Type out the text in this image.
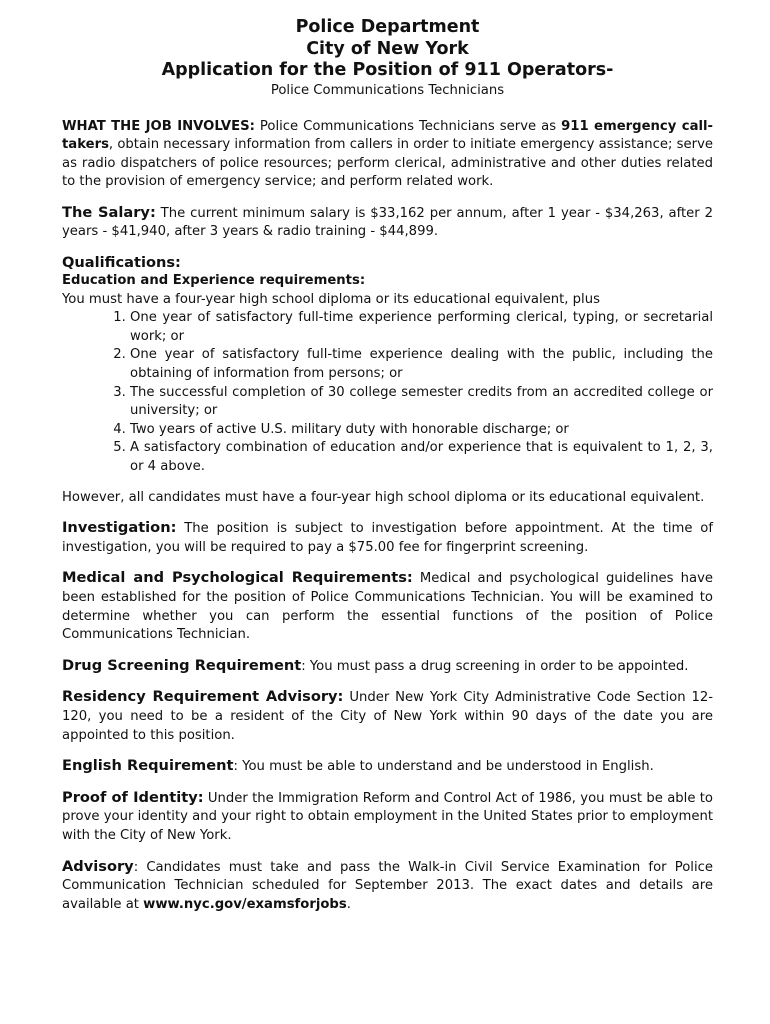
Police Department
City of New York
Application for the Position of 911 Operators-
Police Communications Technicians

WHAT THE JOB INVOLVES: Police Communications Technicians serve as 911 emergency call-takers, obtain necessary information from callers in order to initiate emergency assistance; serve as radio dispatchers of police resources; perform clerical, administrative and other duties related to the provision of emergency service; and perform related work.

The Salary: The current minimum salary is $33,162 per annum, after 1 year - $34,263, after 2 years - $41,940, after 3 years & radio training - $44,899.

Qualifications:
Education and Experience requirements:
You must have a four-year high school diploma or its educational equivalent, plus
1. One year of satisfactory full-time experience performing clerical, typing, or secretarial work; or
2. One year of satisfactory full-time experience dealing with the public, including the obtaining of information from persons; or
3. The successful completion of 30 college semester credits from an accredited college or university; or
4. Two years of active U.S. military duty with honorable discharge; or
5. A satisfactory combination of education and/or experience that is equivalent to 1, 2, 3, or 4 above.

However, all candidates must have a four-year high school diploma or its educational equivalent.

Investigation: The position is subject to investigation before appointment. At the time of investigation, you will be required to pay a $75.00 fee for fingerprint screening.

Medical and Psychological Requirements: Medical and psychological guidelines have been established for the position of Police Communications Technician. You will be examined to determine whether you can perform the essential functions of the position of Police Communications Technician.

Drug Screening Requirement: You must pass a drug screening in order to be appointed.

Residency Requirement Advisory: Under New York City Administrative Code Section 12-120, you need to be a resident of the City of New York within 90 days of the date you are appointed to this position.

English Requirement: You must be able to understand and be understood in English.

Proof of Identity: Under the Immigration Reform and Control Act of 1986, you must be able to prove your identity and your right to obtain employment in the United States prior to employment with the City of New York.

Advisory: Candidates must take and pass the Walk-in Civil Service Examination for Police Communication Technician scheduled for September 2013. The exact dates and details are available at www.nyc.gov/examsforjobs.
